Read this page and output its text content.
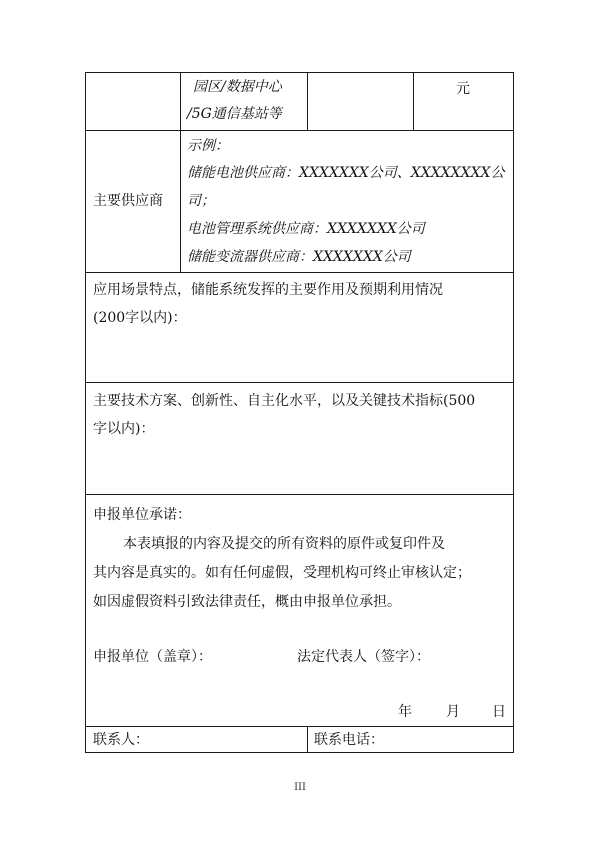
园区/数据中心
/5G通信基站等
元
主要供应商
示例：
储能电池供应商：XXXXXXX公司、XXXXXXXX公
司；
电池管理系统供应商：XXXXXXX公司
储能变流器供应商：XXXXXXX公司
应用场景特点，储能系统发挥的主要作用及预期利用情况
(200字以内)：
主要技术方案、创新性、自主化水平，以及关键技术指标(500
字以内)：
申报单位承诺：
本表填报的内容及提交的所有资料的原件或复印件及
其内容是真实的。如有任何虚假，受理机构可终止审核认定；
如因虚假资料引致法律责任，概由申报单位承担。
申报单位（盖章）：	法定代表人（签字）：
年 月 日
联系人：	联系电话：
III
